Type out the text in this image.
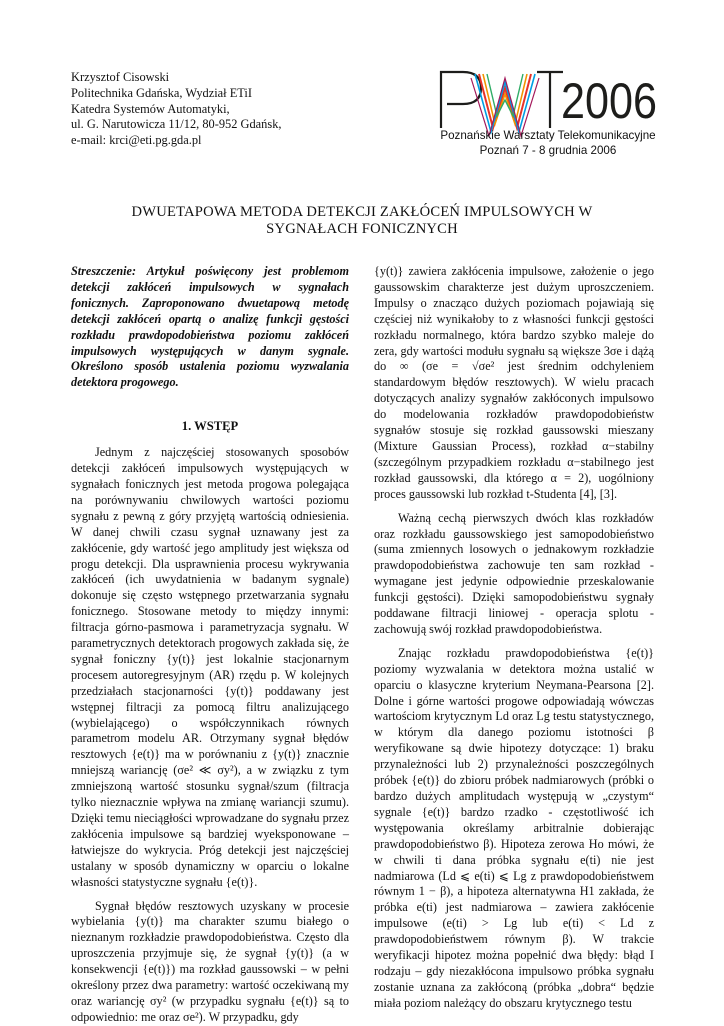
Krzysztof Cisowski
Politechnika Gdańska, Wydział ETiI
Katedra Systemów Automatyki,
ul. G. Narutowicza 11/12, 80-952 Gdańsk,
e-mail: krci@eti.pg.gda.pl
2006
Poznańskie Warsztaty Telekomunikacyjne
Poznań 7 - 8 grudnia 2006
DWUETAPOWA METODA DETEKCJI ZAKŁÓCEŃ IMPULSOWYCH W
SYGNAŁACH FONICZNYCH

Streszczenie: Artykuł poświęcony jest problemom detekcji zakłóceń impulsowych w sygnałach fonicznych. Zaproponowano dwuetapową metodę detekcji zakłóceń opartą o analizę funkcji gęstości rozkładu prawdopodobieństwa poziomu zakłóceń impulsowych występujących w danym sygnale. Określono sposób ustalenia poziomu wyzwalania detektora progowego.

1. WSTĘP

Jednym z najczęściej stosowanych sposobów detekcji zakłóceń impulsowych występujących w sygnałach fonicznych jest metoda progowa polegająca na porównywaniu chwilowych wartości poziomu sygnału z pewną z góry przyjętą wartością odniesienia. W danej chwili czasu sygnał uznawany jest za zakłócenie, gdy wartość jego amplitudy jest większa od progu detekcji. Dla usprawnienia procesu wykrywania zakłóceń (ich uwydatnienia w badanym sygnale) dokonuje się często wstępnego przetwarzania sygnału fonicznego. Stosowane metody to między innymi: filtracja górno-pasmowa i parametryzacja sygnału. W parametrycznych detektorach progowych zakłada się, że sygnał foniczny {y(t)} jest lokalnie stacjonarnym procesem autoregresyjnym (AR) rzędu p. W kolejnych przedziałach stacjonarności {y(t)} poddawany jest wstępnej filtracji za pomocą filtru analizującego (wybielającego) o współczynnikach równych parametrom modelu AR. Otrzymany sygnał błędów resztowych {e(t)} ma w porównaniu z {y(t)} znacznie mniejszą wariancję (σe² ≪ σy²), a w związku z tym zmniejszoną wartość stosunku sygnał/szum (filtracja tylko nieznacznie wpływa na zmianę wariancji szumu). Dzięki temu nieciągłości wprowadzane do sygnału przez zakłócenia impulsowe są bardziej wyeksponowane – łatwiejsze do wykrycia. Próg detekcji jest najczęściej ustalany w sposób dynamiczny w oparciu o lokalne własności statystyczne sygnału {e(t)}.

Sygnał błędów resztowych uzyskany w procesie wybielania {y(t)} ma charakter szumu białego o nieznanym rozkładzie prawdopodobieństwa. Często dla uproszczenia przyjmuje się, że sygnał {y(t)} (a w konsekwencji {e(t)}) ma rozkład gaussowski – w pełni określony przez dwa parametry: wartość oczekiwaną my oraz wariancję σy² (w przypadku sygnału {e(t)} są to odpowiednio: me oraz σe²). W przypadku, gdy

{y(t)} zawiera zakłócenia impulsowe, założenie o jego gaussowskim charakterze jest dużym uproszczeniem. Impulsy o znacząco dużych poziomach pojawiają się częściej niż wynikałoby to z własności funkcji gęstości rozkładu normalnego, która bardzo szybko maleje do zera, gdy wartości modułu sygnału są większe 3σe i dążą do ∞ (σe = √σe² jest średnim odchyleniem standardowym błędów resztowych). W wielu pracach dotyczących analizy sygnałów zakłóconych impulsowo do modelowania rozkładów prawdopodobieństw sygnałów stosuje się rozkład gaussowski mieszany (Mixture Gaussian Process), rozkład α−stabilny (szczególnym przypadkiem rozkładu α−stabilnego jest rozkład gaussowski, dla którego α = 2), uogólniony proces gaussowski lub rozkład t-Studenta [4], [3].

Ważną cechą pierwszych dwóch klas rozkładów oraz rozkładu gaussowskiego jest samopodobieństwo (suma zmiennych losowych o jednakowym rozkładzie prawdopodobieństwa zachowuje ten sam rozkład - wymagane jest jedynie odpowiednie przeskalowanie funkcji gęstości). Dzięki samopodobieństwu sygnały poddawane filtracji liniowej - operacja splotu - zachowują swój rozkład prawdopodobieństwa.

Znając rozkładu prawdopodobieństwa {e(t)} poziomy wyzwalania w detektora można ustalić w oparciu o klasyczne kryterium Neymana-Pearsona [2]. Dolne i górne wartości progowe odpowiadają wówczas wartościom krytycznym Ld oraz Lg testu statystycznego, w którym dla danego poziomu istotności β weryfikowane są dwie hipotezy dotyczące: 1) braku przynależności lub 2) przynależności poszczególnych próbek {e(t)} do zbioru próbek nadmiarowych (próbki o bardzo dużych amplitudach występują w „czystym“ sygnale {e(t)} bardzo rzadko - częstotliwość ich występowania określamy arbitralnie dobierając prawdopodobieństwo β). Hipoteza zerowa Ho mówi, że w chwili ti dana próbka sygnału e(ti) nie jest nadmiarowa (Ld ⩽ e(ti) ⩽ Lg z prawdopodobieństwem równym 1 − β), a hipoteza alternatywna H1 zakłada, że próbka e(ti) jest nadmiarowa – zawiera zakłócenie impulsowe (e(ti) > Lg lub e(ti) < Ld z prawdopodobieństwem równym β). W trakcie weryfikacji hipotez można popełnić dwa błędy: błąd I rodzaju – gdy niezakłócona impulsowo próbka sygnału zostanie uznana za zakłóconą (próbka „dobra“ będzie miała poziom należący do obszaru krytycznego testu
